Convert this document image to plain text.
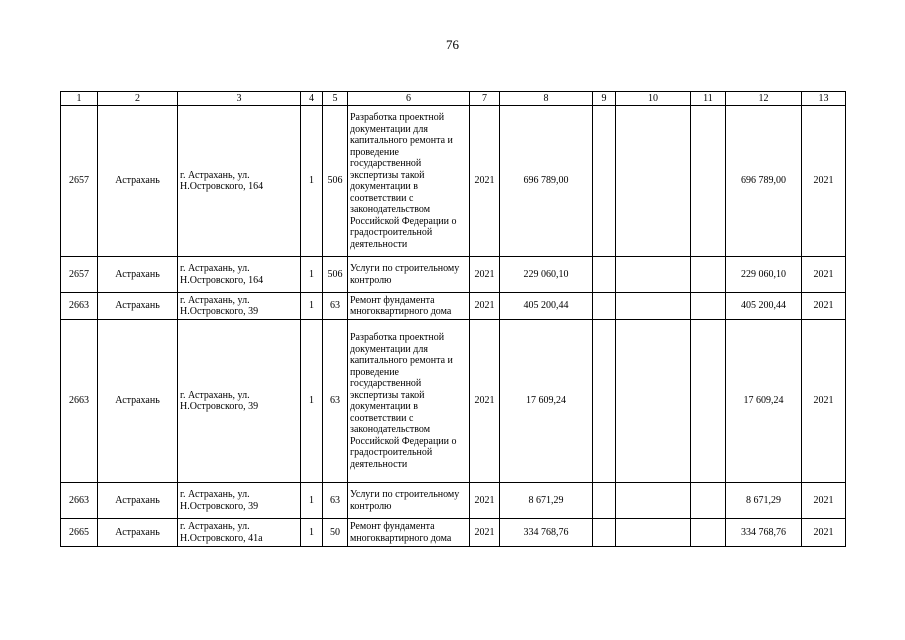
76
1	2	3	4	5	6	7	8	9	10	11	12	13
2657	Астрахань	г. Астрахань, ул. Н.Островского, 164	1	506	Разработка проектной документации для капитального ремонта и проведение государственной экспертизы такой документации в соответствии с законодательством Российской Федерации о градостроительной деятельности	2021	696 789,00				696 789,00	2021
2657	Астрахань	г. Астрахань, ул. Н.Островского, 164	1	506	Услуги по строительному контролю	2021	229 060,10				229 060,10	2021
2663	Астрахань	г. Астрахань, ул. Н.Островского, 39	1	63	Ремонт фундамента многоквартирного дома	2021	405 200,44				405 200,44	2021
2663	Астрахань	г. Астрахань, ул. Н.Островского, 39	1	63	Разработка проектной документации для капитального ремонта и проведение государственной экспертизы такой документации в соответствии с законодательством Российской Федерации о градостроительной деятельности	2021	17 609,24				17 609,24	2021
2663	Астрахань	г. Астрахань, ул. Н.Островского, 39	1	63	Услуги по строительному контролю	2021	8 671,29				8 671,29	2021
2665	Астрахань	г. Астрахань, ул. Н.Островского, 41а	1	50	Ремонт фундамента многоквартирного дома	2021	334 768,76				334 768,76	2021
